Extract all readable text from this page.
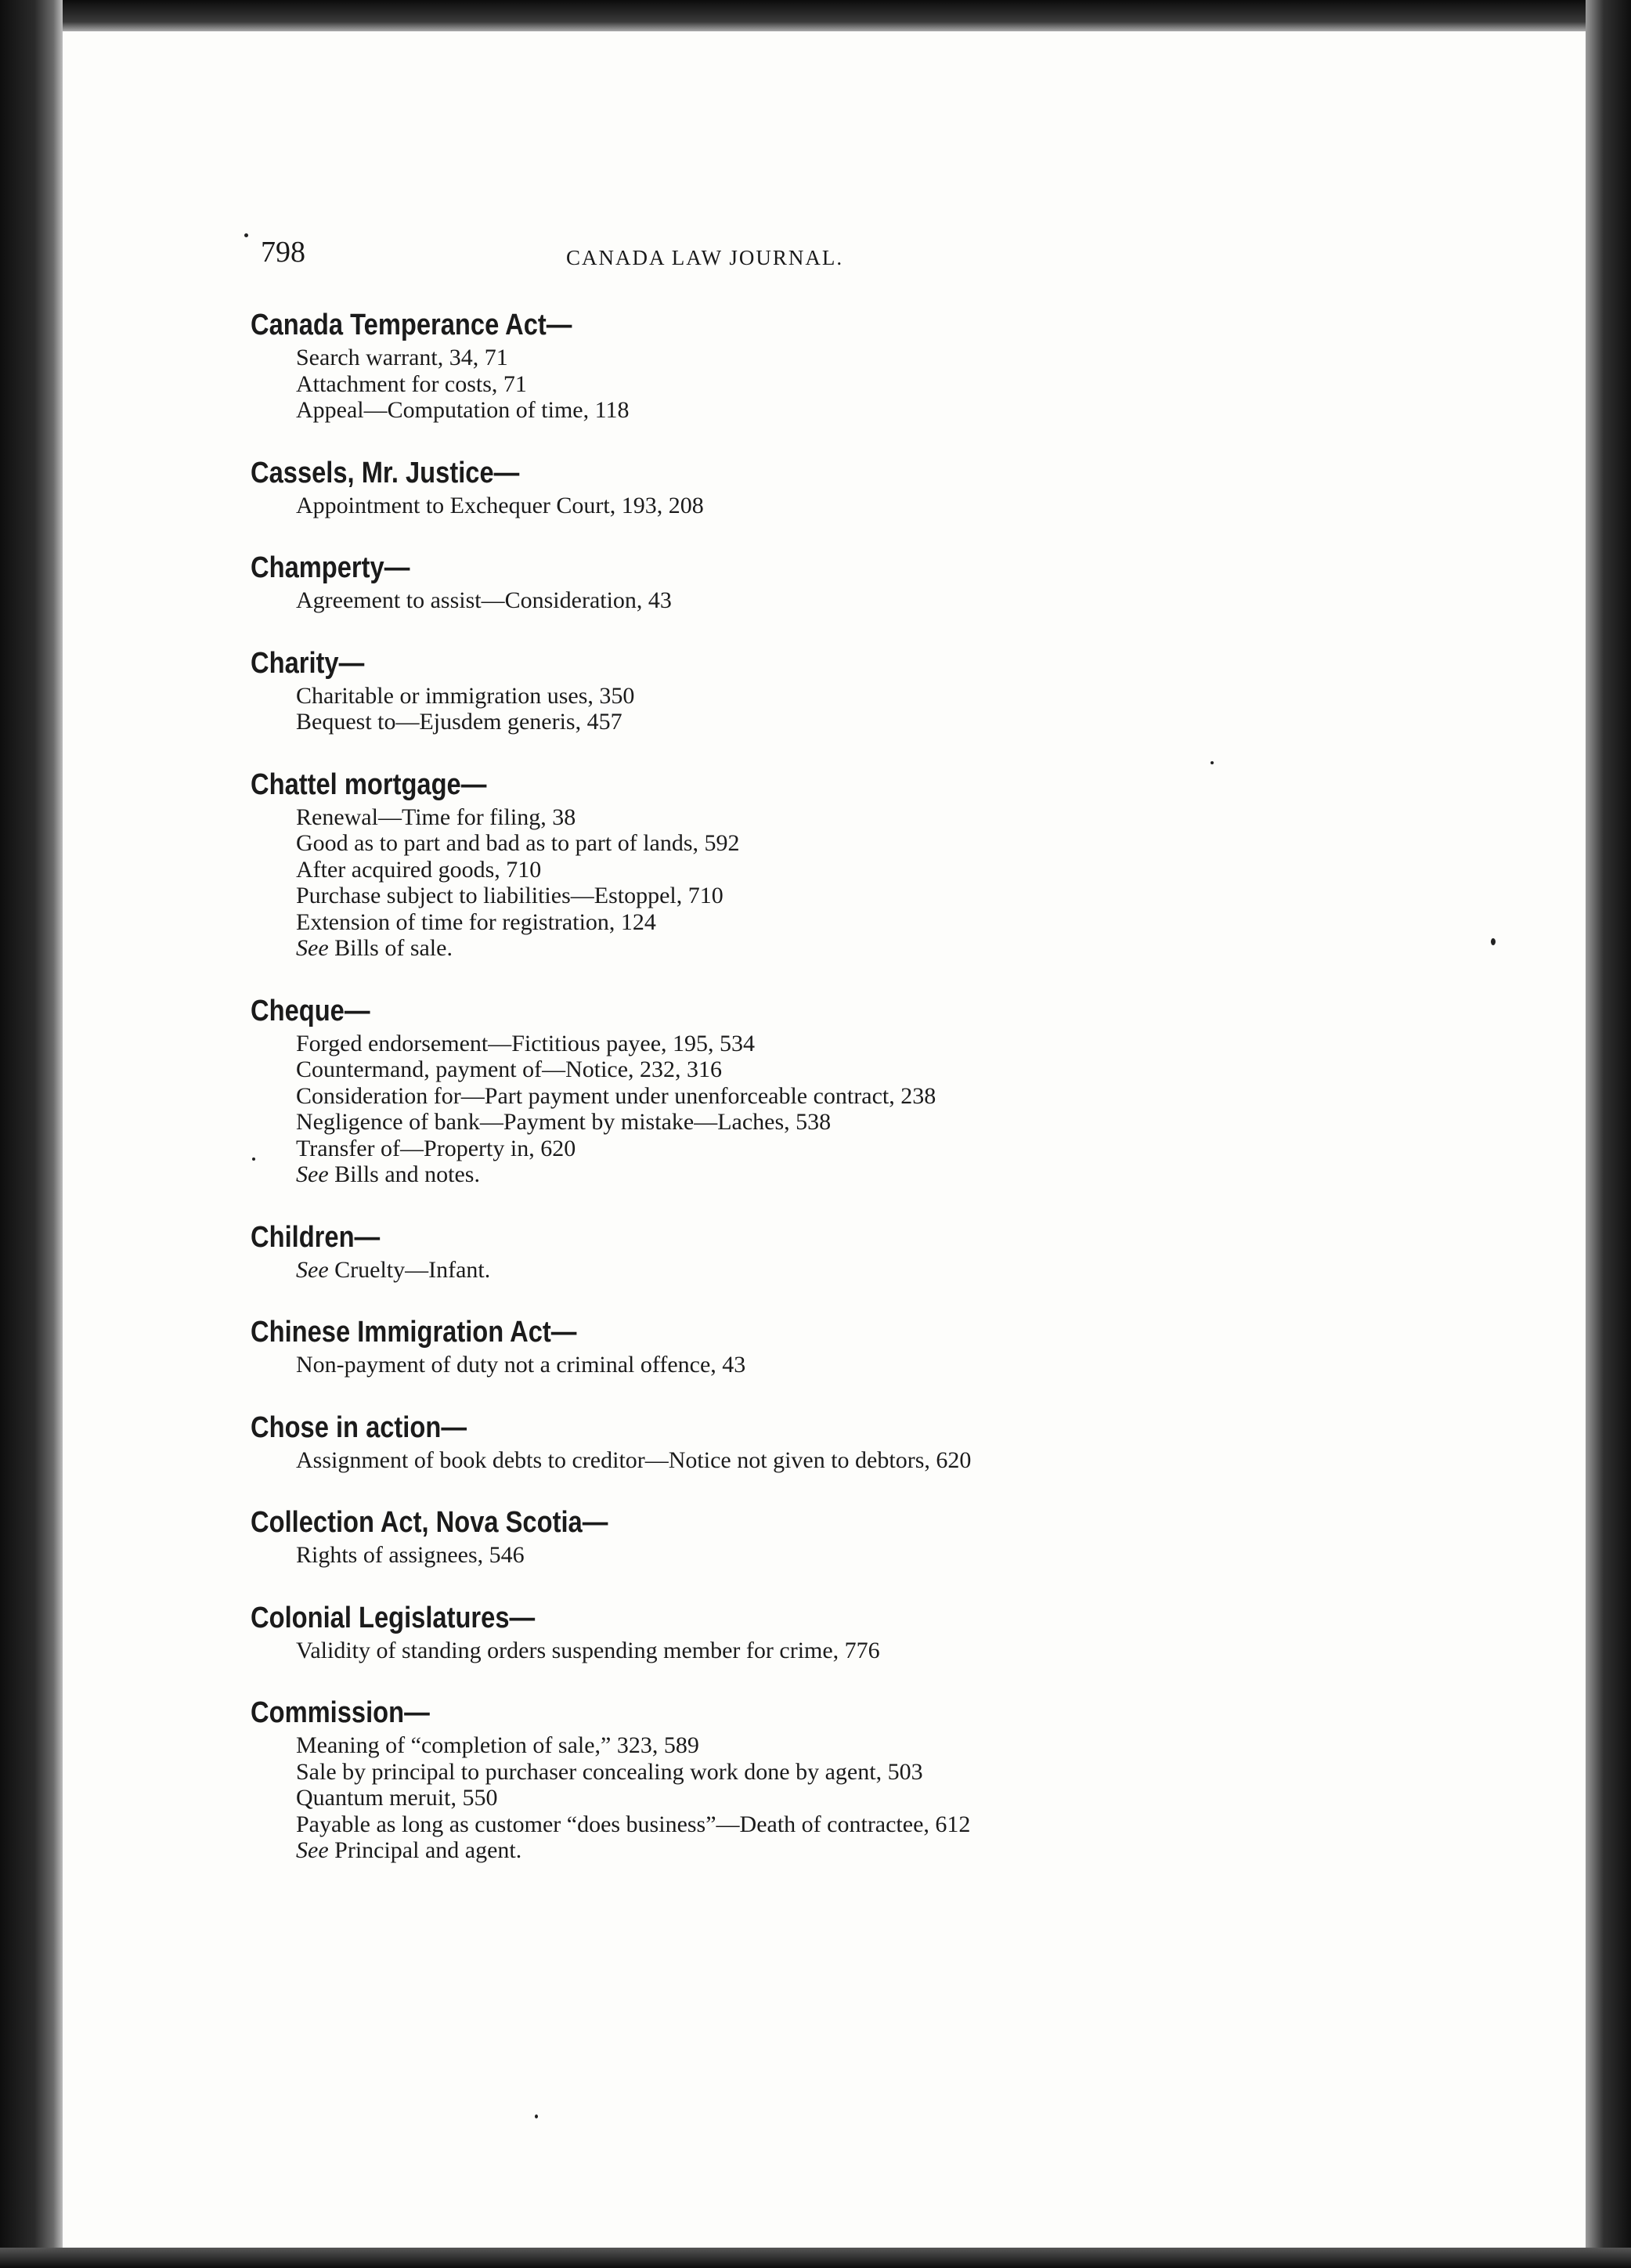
798	CANADA LAW JOURNAL.
Canada Temperance Act—
Search warrant, 34, 71
Attachment for costs, 71
Appeal—Computation of time, 118
Cassels, Mr. Justice—
Appointment to Exchequer Court, 193, 208
Champerty—
Agreement to assist—Consideration, 43
Charity—
Charitable or immigration uses, 350
Bequest to—Ejusdem generis, 457
Chattel mortgage—
Renewal—Time for filing, 38
Good as to part and bad as to part of lands, 592
After acquired goods, 710
Purchase subject to liabilities—Estoppel, 710
Extension of time for registration, 124
See Bills of sale.
Cheque—
Forged endorsement—Fictitious payee, 195, 534
Countermand, payment of—Notice, 232, 316
Consideration for—Part payment under unenforceable contract, 238
Negligence of bank—Payment by mistake—Laches, 538
Transfer of—Property in, 620
See Bills and notes.
Children—
See Cruelty—Infant.
Chinese Immigration Act—
Non-payment of duty not a criminal offence, 43
Chose in action—
Assignment of book debts to creditor—Notice not given to debtors, 620
Collection Act, Nova Scotia—
Rights of assignees, 546
Colonial Legislatures—
Validity of standing orders suspending member for crime, 776
Commission—
Meaning of “completion of sale,” 323, 589
Sale by principal to purchaser concealing work done by agent, 503
Quantum meruit, 550
Payable as long as customer “does business”—Death of contractee, 612
See Principal and agent.
